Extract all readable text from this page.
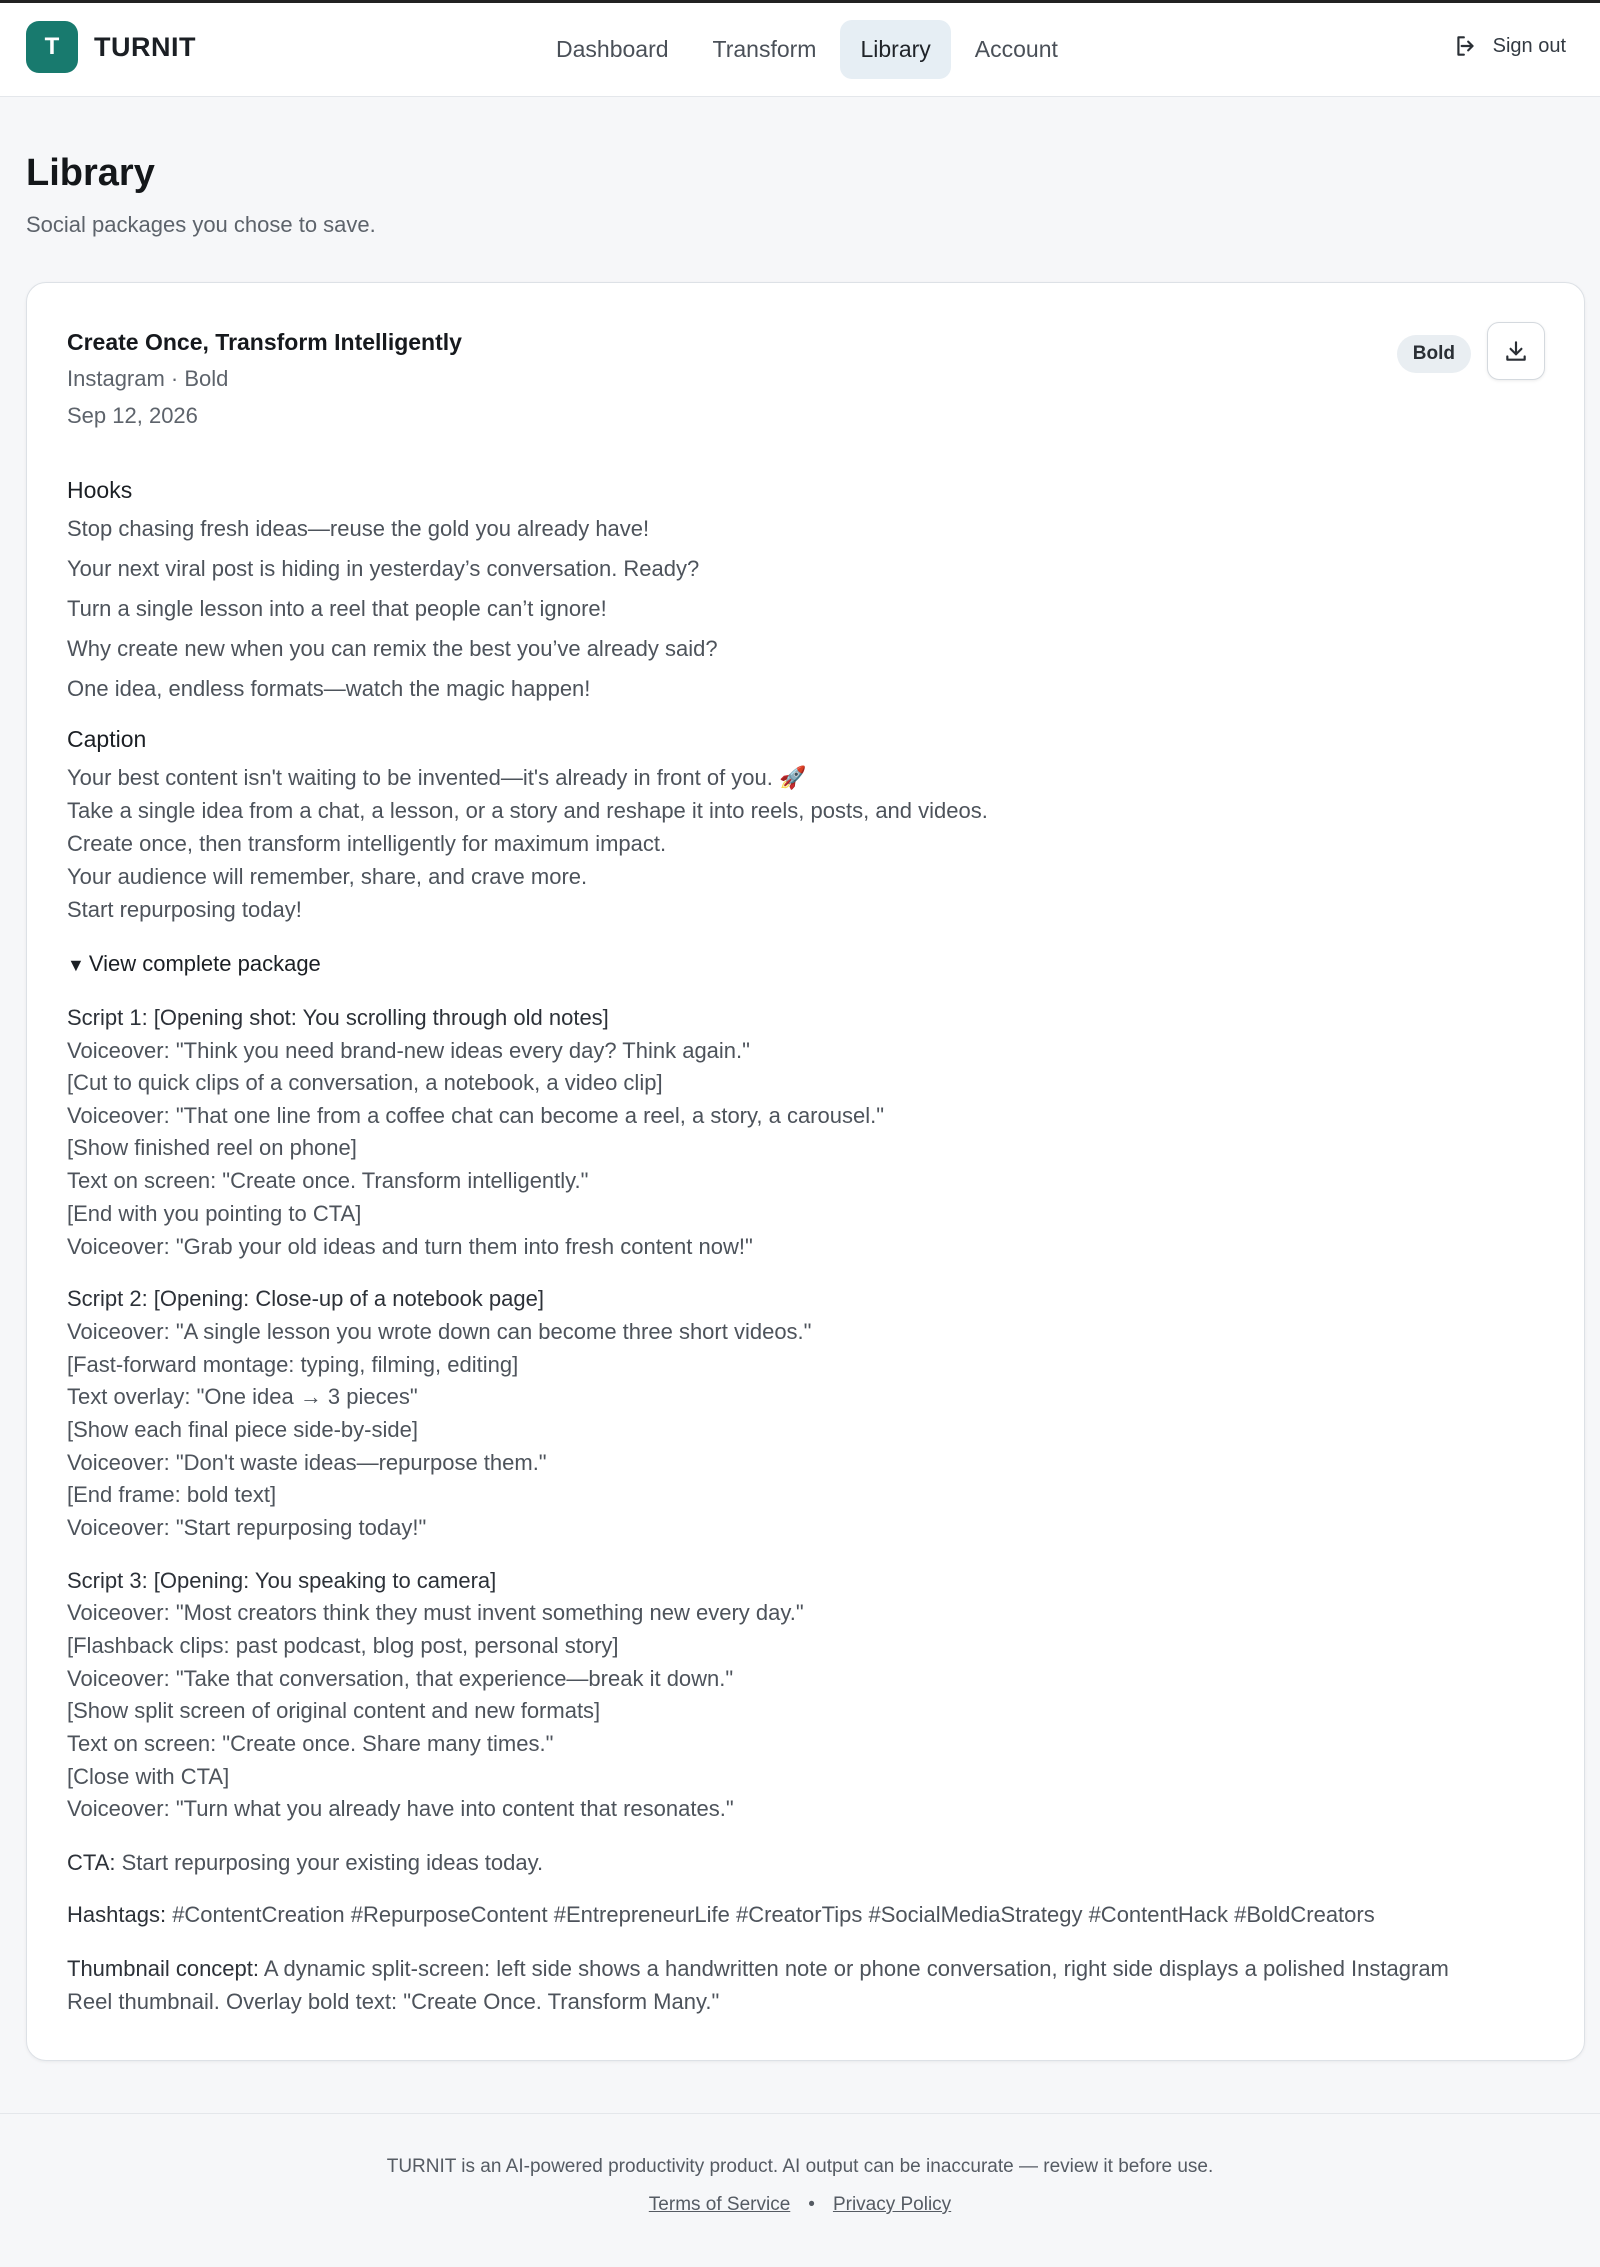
T	TURNIT	Dashboard	Transform	Library	Account	Sign out
Library
Social packages you chose to save.
Create Once, Transform Intelligently
Instagram · Bold
Sep 12, 2026
Bold
Hooks
Stop chasing fresh ideas—reuse the gold you already have!
Your next viral post is hiding in yesterday’s conversation. Ready?
Turn a single lesson into a reel that people can’t ignore!
Why create new when you can remix the best you’ve already said?
One idea, endless formats—watch the magic happen!
Caption
Your best content isn't waiting to be invented—it's already in front of you. 🚀
Take a single idea from a chat, a lesson, or a story and reshape it into reels, posts, and videos.
Create once, then transform intelligently for maximum impact.
Your audience will remember, share, and crave more.
Start repurposing today!
▼ View complete package
Script 1: [Opening shot: You scrolling through old notes]
Voiceover: "Think you need brand-new ideas every day? Think again."
[Cut to quick clips of a conversation, a notebook, a video clip]
Voiceover: "That one line from a coffee chat can become a reel, a story, a carousel."
[Show finished reel on phone]
Text on screen: "Create once. Transform intelligently."
[End with you pointing to CTA]
Voiceover: "Grab your old ideas and turn them into fresh content now!"
Script 2: [Opening: Close-up of a notebook page]
Voiceover: "A single lesson you wrote down can become three short videos."
[Fast-forward montage: typing, filming, editing]
Text overlay: "One idea → 3 pieces"
[Show each final piece side-by-side]
Voiceover: "Don't waste ideas—repurpose them."
[End frame: bold text]
Voiceover: "Start repurposing today!"
Script 3: [Opening: You speaking to camera]
Voiceover: "Most creators think they must invent something new every day."
[Flashback clips: past podcast, blog post, personal story]
Voiceover: "Take that conversation, that experience—break it down."
[Show split screen of original content and new formats]
Text on screen: "Create once. Share many times."
[Close with CTA]
Voiceover: "Turn what you already have into content that resonates."
CTA: Start repurposing your existing ideas today.
Hashtags: #ContentCreation #RepurposeContent #EntrepreneurLife #CreatorTips #SocialMediaStrategy #ContentHack #BoldCreators
Thumbnail concept: A dynamic split-screen: left side shows a handwritten note or phone conversation, right side displays a polished Instagram
Reel thumbnail. Overlay bold text: "Create Once. Transform Many."
TURNIT is an AI-powered productivity product. AI output can be inaccurate — review it before use.
Terms of Service • Privacy Policy
